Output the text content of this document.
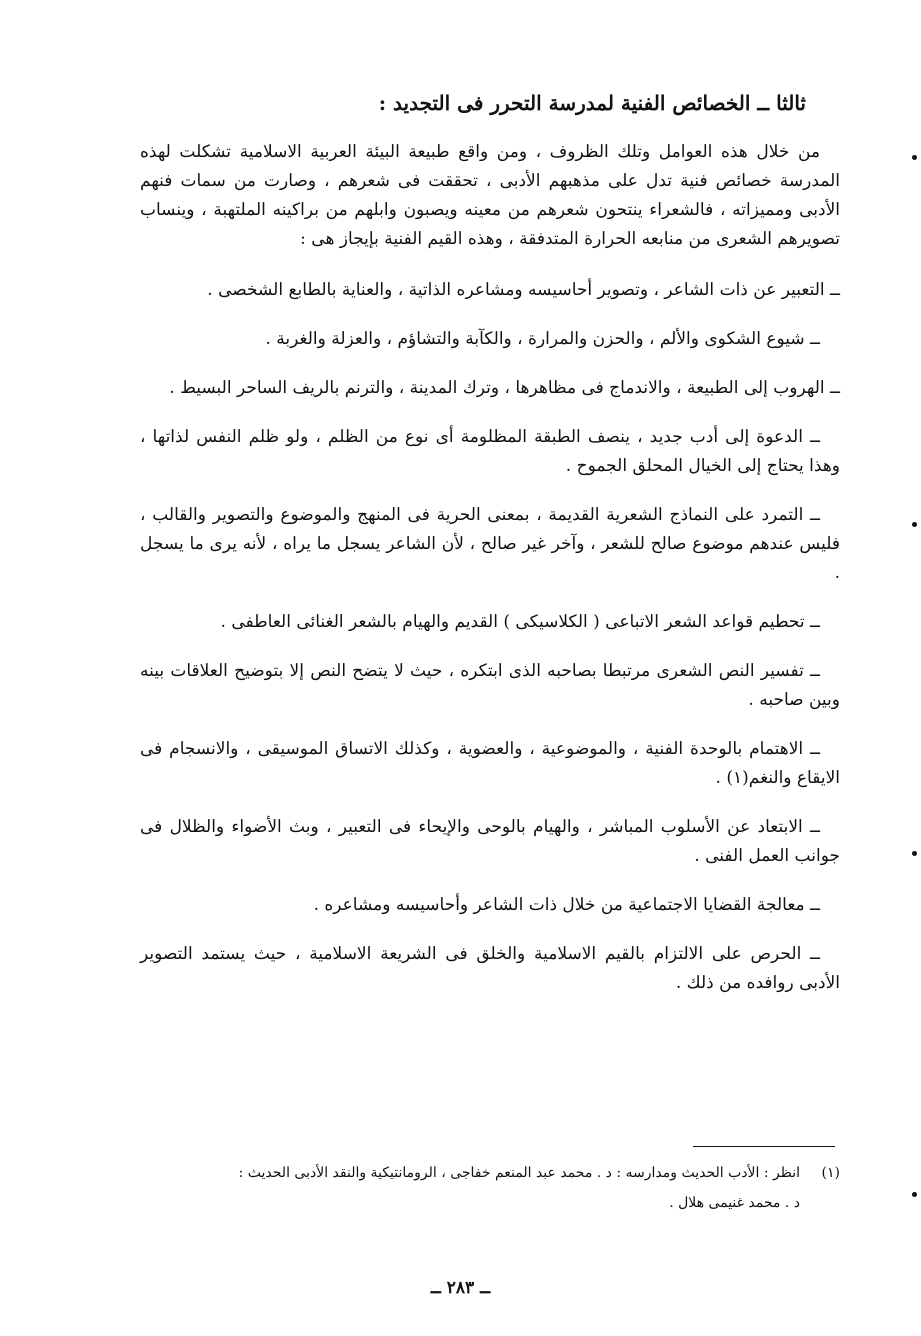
ثالثا ــ الخصائص الفنية لمدرسة التحرر فى التجديد :

من خلال هذه العوامل وتلك الظروف ، ومن واقع طبيعة البيئة العربية الاسلامية تشكلت لهذه المدرسة خصائص فنية تدل على مذهبهم الأدبى ، تحققت فى شعرهم ، وصارت من سمات فنهم الأدبى ومميزاته ، فالشعراء ينتحون شعرهم من معينه ويصبون وابلهم من براكينه الملتهبة ، وينساب تصويرهم الشعرى من منابعه الحرارة المتدفقة ، وهذه القيم الفنية بإيجاز هى :

ــ التعبير عن ذات الشاعر ، وتصوير أحاسيسه ومشاعره الذاتية ، والعناية بالطابع الشخصى .

ــ شيوع الشكوى والألم ، والحزن والمرارة ، والكآبة والتشاؤم ، والعزلة والغربة .

ــ الهروب إلى الطبيعة ، والاندماج فى مظاهرها ، وترك المدينة ، والترنم بالريف الساحر البسيط .

ــ الدعوة إلى أدب جديد ، ينصف الطبقة المظلومة أى نوع من الظلم ، ولو ظلم النفس لذاتها ، وهذا يحتاج إلى الخيال المحلق الجموح .

ــ التمرد على النماذج الشعرية القديمة ، بمعنى الحرية فى المنهج والموضوع والتصوير والقالب ، فليس عندهم موضوع صالح للشعر ، وآخر غير صالح ، لأن الشاعر يسجل ما يراه ، لأنه يرى ما يسجل .

ــ تحطيم قواعد الشعر الاتباعى ( الكلاسيكى ) القديم والهيام بالشعر الغنائى العاطفى .

ــ تفسير النص الشعرى مرتبطا بصاحبه الذى ابتكره ، حيث لا يتضح النص إلا بتوضيح العلاقات بينه وبين صاحبه .

ــ الاهتمام بالوحدة الفنية ، والموضوعية ، والعضوية ، وكذلك الاتساق الموسيقى ، والانسجام فى الايقاع والنغم(١) .

ــ الابتعاد عن الأسلوب المباشر ، والهيام بالوحى والإيحاء فى التعبير ، وبث الأضواء والظلال فى جوانب العمل الفنى .

ــ معالجة القضايا الاجتماعية من خلال ذات الشاعر وأحاسيسه ومشاعره .

ــ الحرص على الالتزام بالقيم الاسلامية والخلق فى الشريعة الاسلامية ، حيث يستمد التصوير الأدبى روافده من ذلك .

(١)انظر : الأدب الحديث ومدارسه : د . محمد عبد المنعم خفاجى ، الرومانتيكية والنقد الأدبى الحديث :
د . محمد غنيمى هلال .
ــ ٢٨٣ ــ
